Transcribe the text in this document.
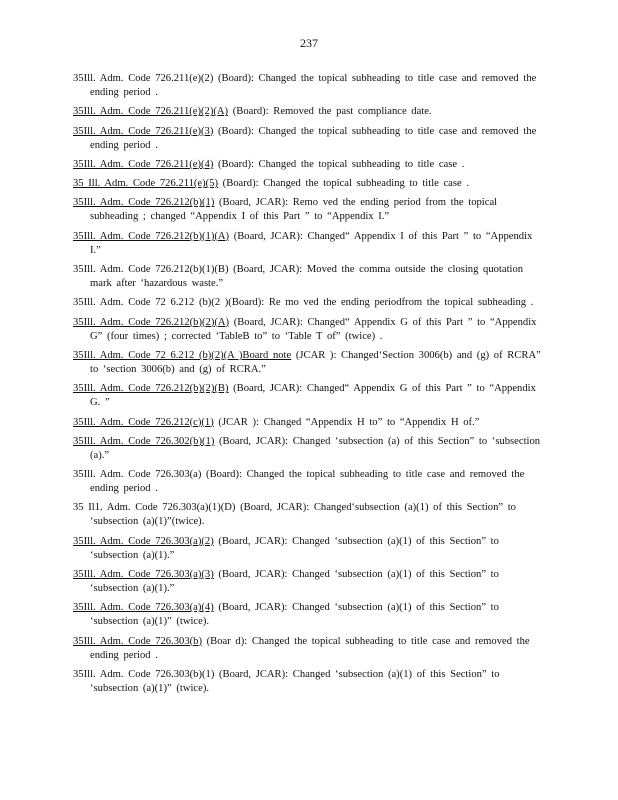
237
35Ill. Adm. Code 726.211(e)(2) (Board): Changed the topical subheading to title case and removed the ending period .
35Ill. Adm. Code 726.211(e)(2)(A) (Board): Removed the past compliance date.
35Ill. Adm. Code 726.211(e)(3) (Board): Changed the topical subheading to title case and removed the ending period .
35Ill. Adm. Code 726.211(e)(4) (Board): Changed the topical subheading to title case .
35 Ill. Adm. Code 726.211(e)(5) (Board): Changed the topical subheading to title case .
35Ill. Adm. Code 726.212(b)(1) (Board, JCAR): Remo ved the ending period from the topical subheading ; changed “Appendix I of this Part ” to “Appendix I.”
35Ill. Adm. Code 726.212(b)(1)(A) (Board, JCAR): Changed“ Appendix I of this Part ” to “Appendix I.”
35Ill. Adm. Code 726.212(b)(1)(B) (Board, JCAR): Moved the comma outside the closing quotation mark after ‘hazardous waste.”
35Ill. Adm. Code 72 6.212 (b)(2 )(Board): Re mo ved the ending periodfrom the topical subheading .
35Ill. Adm. Code 726.212(b)(2)(A) (Board, JCAR): Changed“ Appendix G of this Part ” to “Appendix G” (four times) ; corrected ‘TableB to” to ‘Table T of” (twice) .
35Ill. Adm. Code 72 6.212 (b)(2)(A )Board note (JCAR ): Changed‘Section 3006(b) and (g) of RCRA” to ‘section 3006(b) and (g) of RCRA.”
35Ill. Adm. Code 726.212(b)(2)(B) (Board, JCAR): Changed“ Appendix G of this Part ” to “Appendix G. ”
35Ill. Adm. Code 726.212(c)(1) (JCAR ): Changed “Appendix H to” to “Appendix H of.”
35Ill. Adm. Code 726.302(b)(1) (Board, JCAR): Changed ‘subsection (a) of this Section” to ‘subsection (a).”
35Ill. Adm. Code 726.303(a) (Board): Changed the topical subheading to title case and removed the ending period .
35 Il1. Adm. Code 726.303(a)(1)(D) (Board, JCAR): Changed‘subsection (a)(1) of this Section” to ‘subsection (a)(1)”(twice).
35Ill. Adm. Code 726.303(a)(2) (Board, JCAR): Changed ‘subsection (a)(1) of this Section” to ‘subsection (a)(1).”
35Ill. Adm. Code 726.303(a)(3) (Board, JCAR): Changed ‘subsection (a)(1) of this Section” to ‘subsection (a)(1).”
35Ill. Adm. Code 726.303(a)(4) (Board, JCAR): Changed ‘subsection (a)(1) of this Section” to ‘subsection (a)(1)” (twice).
35Ill. Adm. Code 726.303(b) (Boar d): Changed the topical subheading to title case and removed the ending period .
35Ill. Adm. Code 726.303(b)(1) (Board, JCAR): Changed ‘subsection (a)(1) of this Section” to ‘subsection (a)(1)” (twice).
